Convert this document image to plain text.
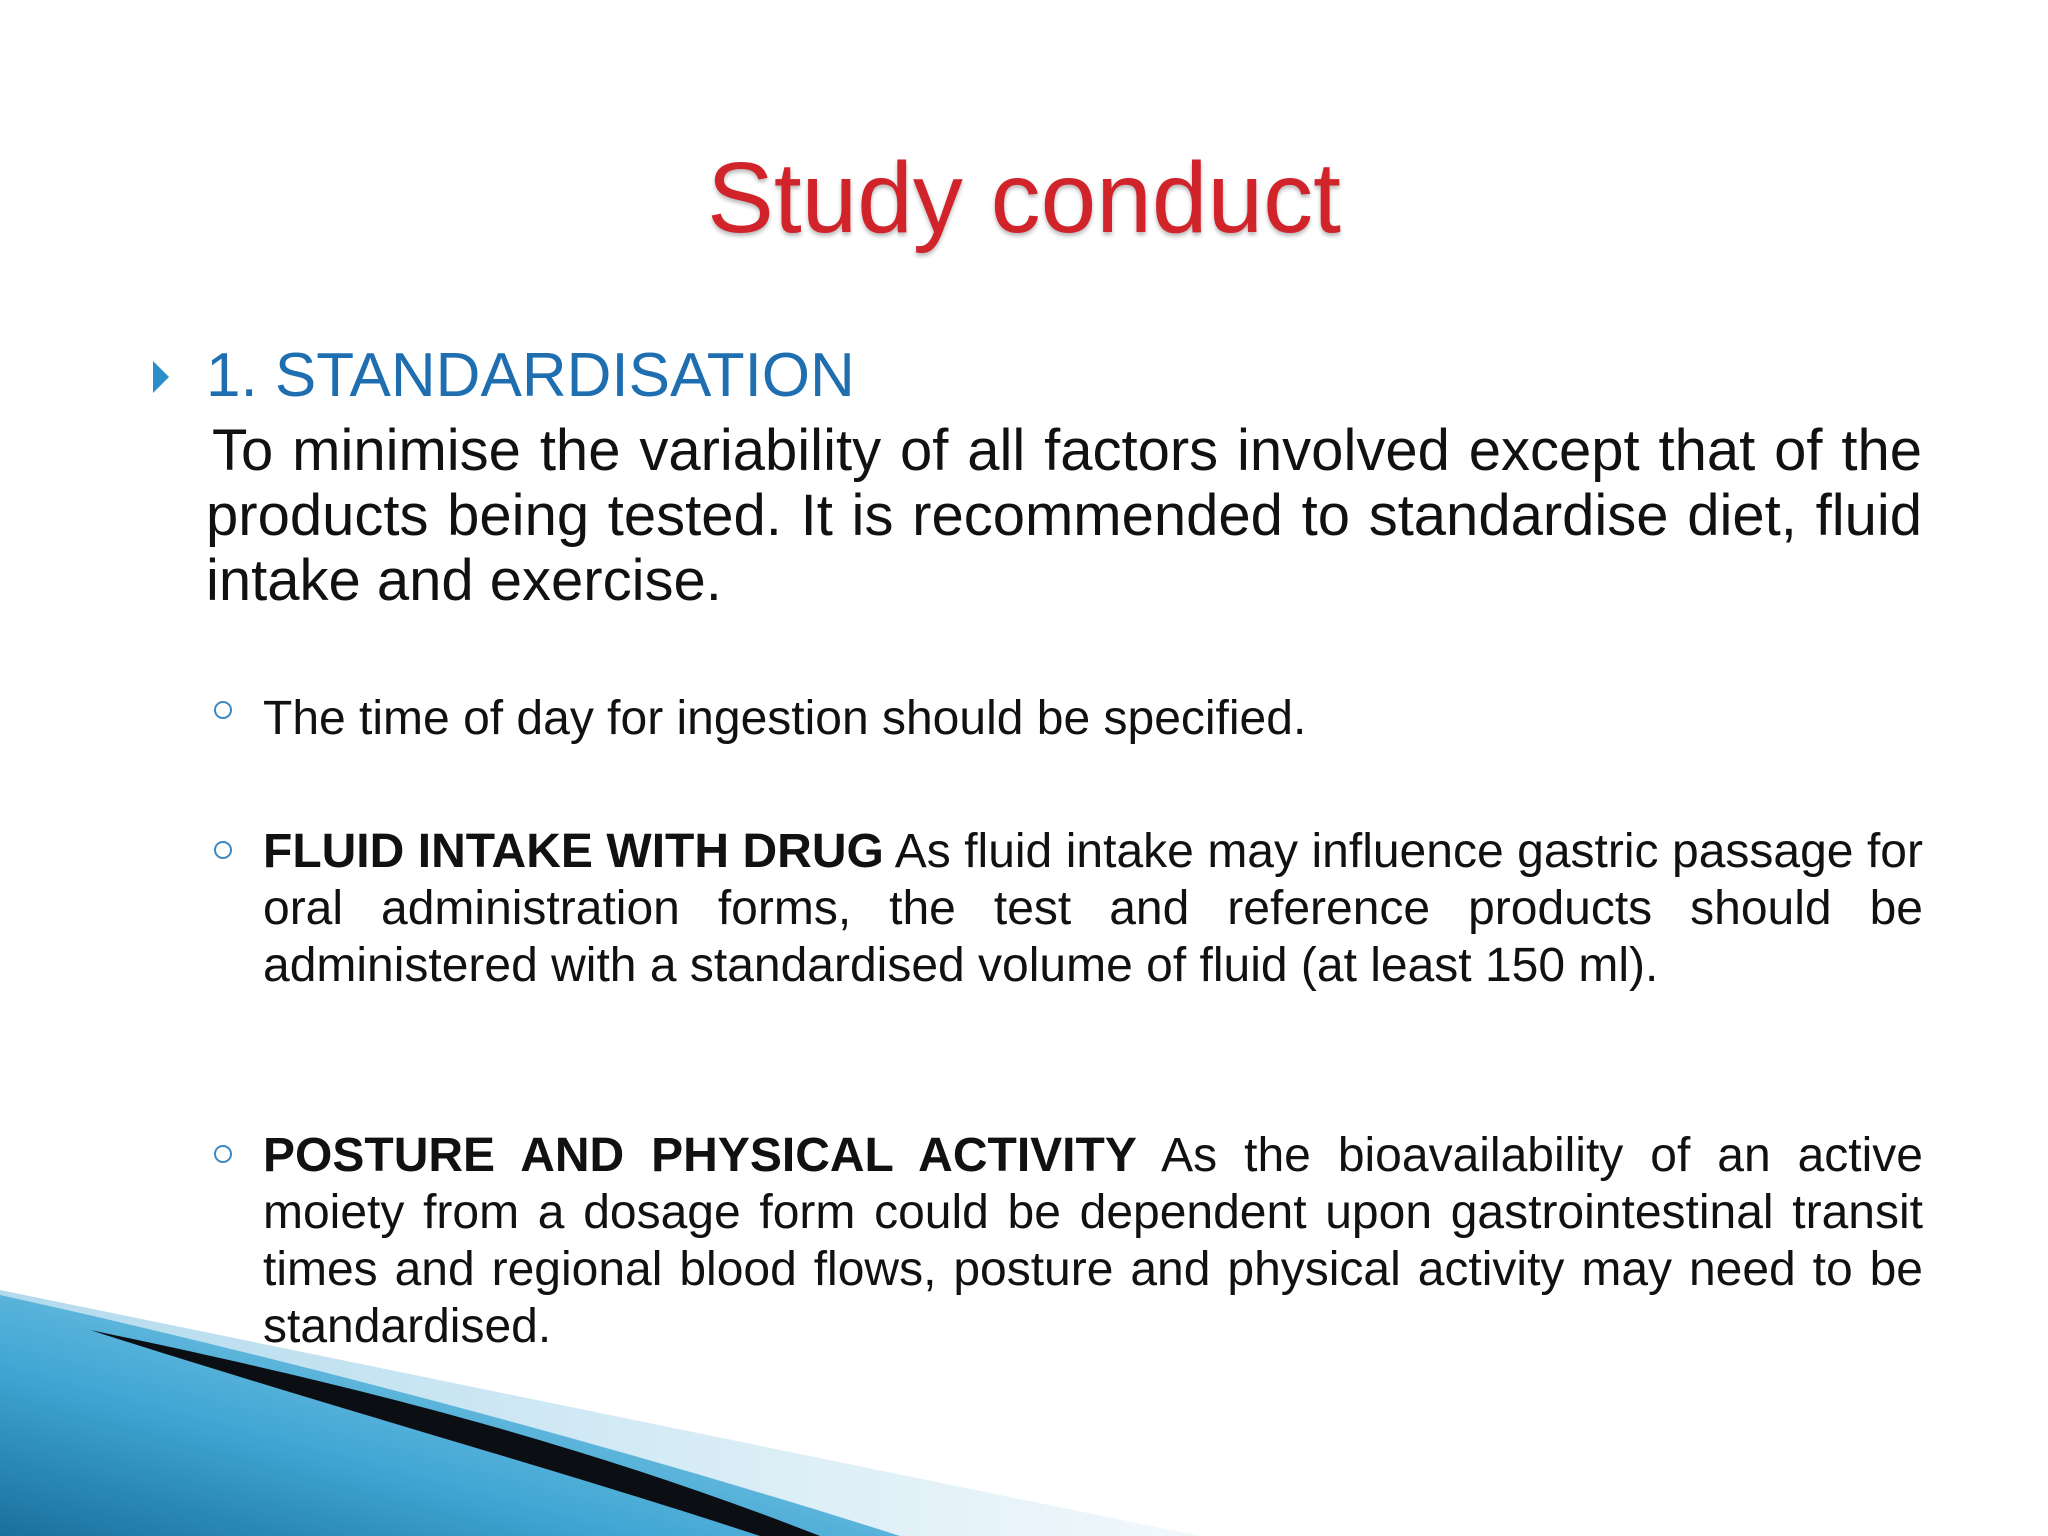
Study conduct
1. STANDARDISATION
To minimise the variability of all factors involved except that of the products being tested. It is recommended to standardise diet, fluid intake and exercise.
The time of day for ingestion should be specified.
FLUID INTAKE WITH DRUG As fluid intake may influence gastric passage for oral administration forms, the test and reference products should be administered with a standardised volume of fluid (at least 150 ml).
POSTURE AND PHYSICAL ACTIVITY As the bioavailability of an active moiety from a dosage form could be dependent upon gastrointestinal transit times and regional blood flows, posture and physical activity may need to be standardised.
